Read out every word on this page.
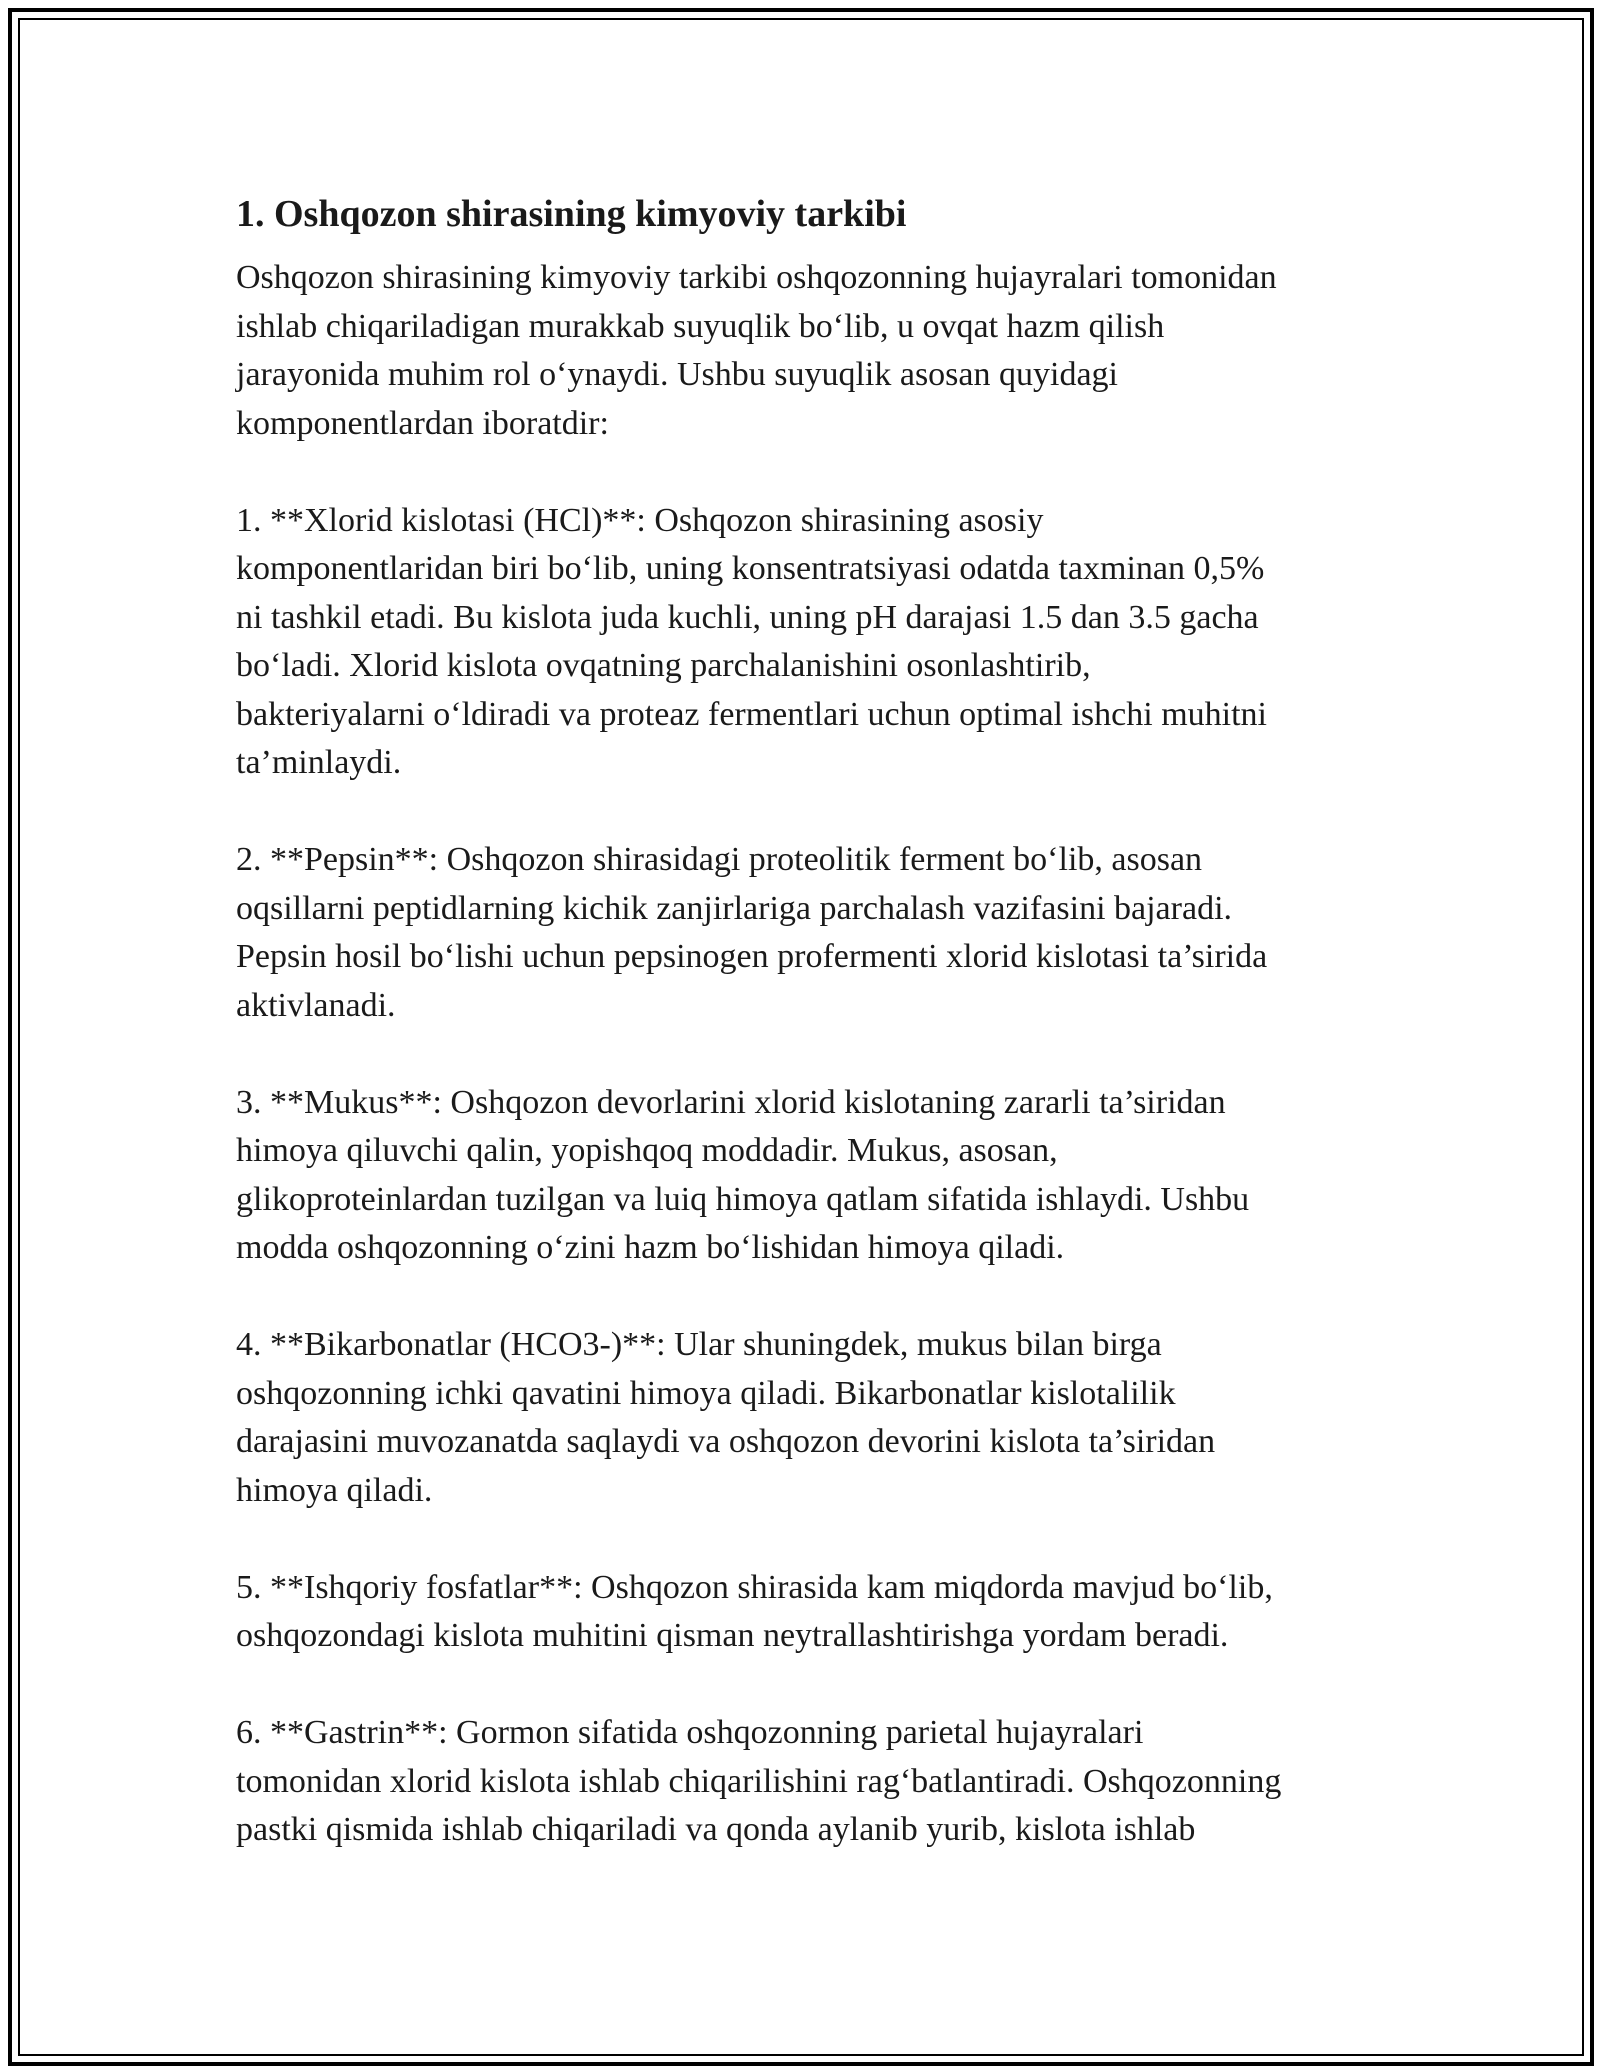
1. Oshqozon shirasining kimyoviy tarkibi

Oshqozon shirasining kimyoviy tarkibi oshqozonning hujayralari tomonidan
ishlab chiqariladigan murakkab suyuqlik bo‘lib, u ovqat hazm qilish
jarayonida muhim rol o‘ynaydi. Ushbu suyuqlik asosan quyidagi
komponentlardan iboratdir:

1. **Xlorid kislotasi (HCl)**: Oshqozon shirasining asosiy
komponentlaridan biri bo‘lib, uning konsentratsiyasi odatda taxminan 0,5%
ni tashkil etadi. Bu kislota juda kuchli, uning pH darajasi 1.5 dan 3.5 gacha
bo‘ladi. Xlorid kislota ovqatning parchalanishini osonlashtirib,
bakteriyalarni o‘ldiradi va proteaz fermentlari uchun optimal ishchi muhitni
ta’minlaydi.

2. **Pepsin**: Oshqozon shirasidagi proteolitik ferment bo‘lib, asosan
oqsillarni peptidlarning kichik zanjirlariga parchalash vazifasini bajaradi.
Pepsin hosil bo‘lishi uchun pepsinogen profermenti xlorid kislotasi ta’sirida
aktivlanadi.

3. **Mukus**: Oshqozon devorlarini xlorid kislotaning zararli ta’siridan
himoya qiluvchi qalin, yopishqoq moddadir. Mukus, asosan,
glikoproteinlardan tuzilgan va luiq himoya qatlam sifatida ishlaydi. Ushbu
modda oshqozonning o‘zini hazm bo‘lishidan himoya qiladi.

4. **Bikarbonatlar (HCO3-)**: Ular shuningdek, mukus bilan birga
oshqozonning ichki qavatini himoya qiladi. Bikarbonatlar kislotalilik
darajasini muvozanatda saqlaydi va oshqozon devorini kislota ta’siridan
himoya qiladi.

5. **Ishqoriy fosfatlar**: Oshqozon shirasida kam miqdorda mavjud bo‘lib,
oshqozondagi kislota muhitini qisman neytrallashtirishga yordam beradi.

6. **Gastrin**: Gormon sifatida oshqozonning parietal hujayralari
tomonidan xlorid kislota ishlab chiqarilishini rag‘batlantiradi. Oshqozonning
pastki qismida ishlab chiqariladi va qonda aylanib yurib, kislota ishlab
